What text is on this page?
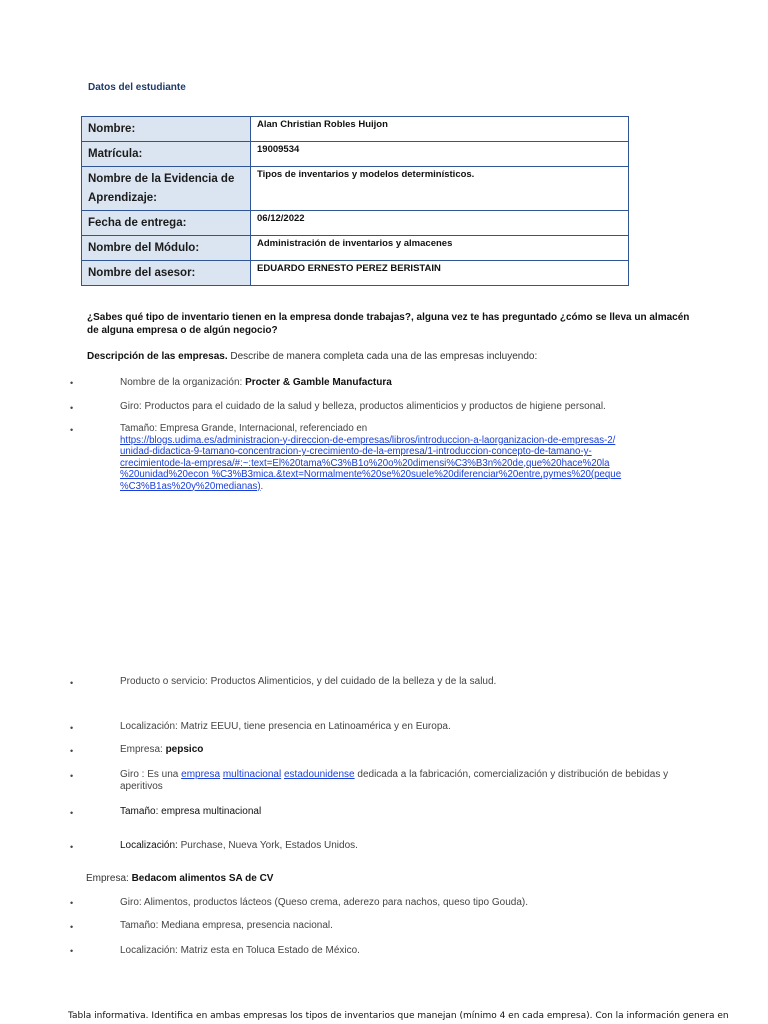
Datos del estudiante
Nombre:	Alan Christian Robles Huijon
Matrícula:	19009534
Nombre de la Evidencia de Aprendizaje:	Tipos de inventarios y modelos determinísticos.
Fecha de entrega:	06/12/2022
Nombre del Módulo:	Administración de inventarios y almacenes
Nombre del asesor:	EDUARDO ERNESTO PEREZ BERISTAIN
¿Sabes qué tipo de inventario tienen en la empresa donde trabajas?, alguna vez te has preguntado ¿cómo se lleva un almacén de alguna empresa o de algún negocio?
Descripción de las empresas. Describe de manera completa cada una de las empresas incluyendo:
•	Nombre de la organización: Procter & Gamble Manufactura
•	Giro: Productos para el cuidado de la salud y belleza, productos alimenticios y productos de higiene personal.
•	Tamaño: Empresa Grande, Internacional, referenciado en
https://blogs.udima.es/administracion-y-direccion-de-empresas/libros/introduccion-a-laorganizacion-de-empresas-2/
unidad-didactica-9-tamano-concentracion-y-crecimiento-de-la-empresa/1-introduccion-concepto-de-tamano-y-
crecimientode-la-empresa/#:~:text=El%20tama%C3%B1o%20o%20dimensi%C3%B3n%20de,que%20hace%20la
%20unidad%20econ %C3%B3mica.&text=Normalmente%20se%20suele%20diferenciar%20entre,pymes%20(peque
%C3%B1as%20y%20medianas).
•	Producto o servicio: Productos Alimenticios, y del cuidado de la belleza y de la salud.
•	Localización: Matriz EEUU, tiene presencia en Latinoamérica y en Europa.
•	Empresa: pepsico
•	Giro : Es una empresa multinacional estadounidense dedicada a la fabricación, comercialización y distribución de bebidas y aperitivos
•	Tamaño: empresa multinacional
•	Localización: Purchase, Nueva York, Estados Unidos.
Empresa: Bedacom alimentos SA de CV
•	Giro: Alimentos, productos lácteos (Queso crema, aderezo para nachos, queso tipo Gouda).
•	Tamaño: Mediana empresa, presencia nacional.
•	Localización: Matriz esta en Toluca Estado de México.
Tabla informativa. Identifica en ambas empresas los tipos de inventarios que manejan (mínimo 4 en cada empresa). Con la información genera en
